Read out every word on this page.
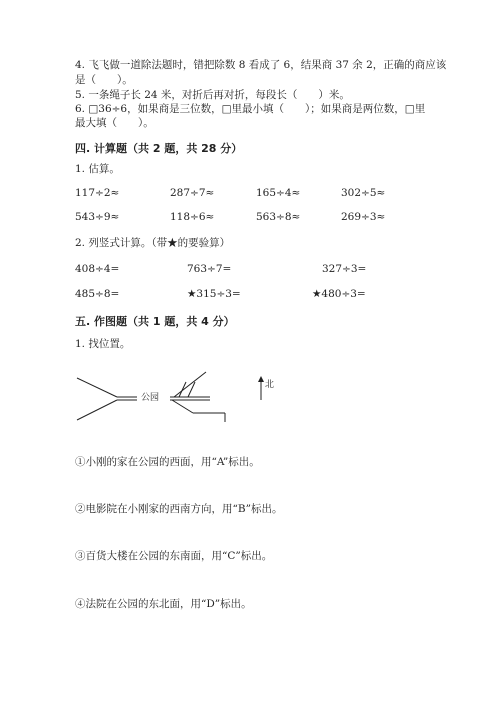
4. 飞飞做一道除法题时，错把除数 8 看成了 6，结果商 37 余 2，正确的商应该
是（　　）。
5. 一条绳子长 24 米，对折后再对折，每段长（　　）米。
6. □36÷6，如果商是三位数，□里最小填（　　）；如果商是两位数，□里
最大填（　　）。
四. 计算题（共 2 题，共 28 分）
1. 估算。
117÷2≈	287÷7≈	165÷4≈	302÷5≈
543÷9≈	118÷6≈	563÷8≈	269÷3≈
2. 列竖式计算。（带★的要验算）
408÷4=	763÷7=	327÷3=
485÷8=	★315÷3=	★480÷3=
五. 作图题（共 1 题，共 4 分）
1. 找位置。
公园
北
①小刚的家在公园的西面，用“A”标出。
②电影院在小刚家的西南方向，用“B”标出。
③百货大楼在公园的东南面，用“C”标出。
④法院在公园的东北面，用“D”标出。
